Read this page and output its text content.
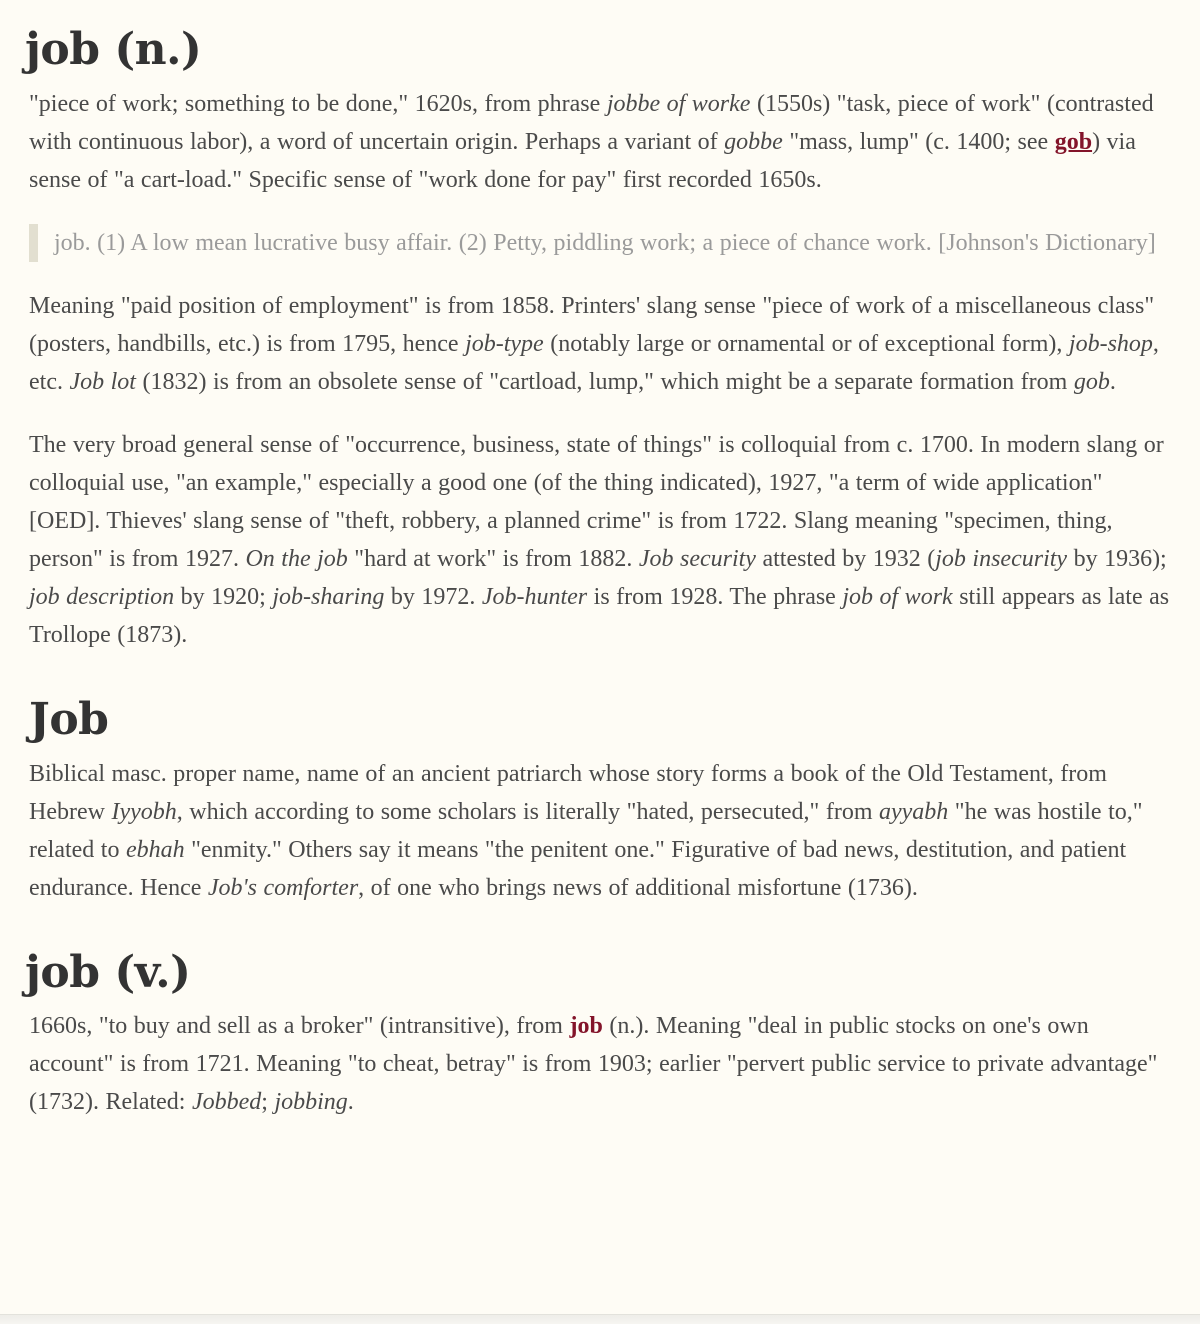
job (n.)

"piece of work; something to be done," 1620s, from phrase jobbe of worke (1550s) "task, piece of work" (contrasted with continuous labor), a word of uncertain origin. Perhaps a variant of gobbe "mass, lump" (c. 1400; see gob) via sense of "a cart-load." Specific sense of "work done for pay" first recorded 1650s.

job. (1) A low mean lucrative busy affair. (2) Petty, piddling work; a piece of chance work. [Johnson's Dictionary]

Meaning "paid position of employment" is from 1858. Printers' slang sense "piece of work of a miscellaneous class" (posters, handbills, etc.) is from 1795, hence job-type (notably large or ornamental or of exceptional form), job-shop, etc. Job lot (1832) is from an obsolete sense of "cartload, lump," which might be a separate formation from gob.

The very broad general sense of "occurrence, business, state of things" is colloquial from c. 1700. In modern slang or colloquial use, "an example," especially a good one (of the thing indicated), 1927, "a term of wide application" [OED]. Thieves' slang sense of "theft, robbery, a planned crime" is from 1722. Slang meaning "specimen, thing, person" is from 1927. On the job "hard at work" is from 1882. Job security attested by 1932 (job insecurity by 1936); job description by 1920; job-sharing by 1972. Job-hunter is from 1928. The phrase job of work still appears as late as Trollope (1873).

Job

Biblical masc. proper name, name of an ancient patriarch whose story forms a book of the Old Testament, from Hebrew Iyyobh, which according to some scholars is literally "hated, persecuted," from ayyabh "he was hostile to," related to ebhah "enmity." Others say it means "the penitent one." Figurative of bad news, destitution, and patient endurance. Hence Job's comforter, of one who brings news of additional misfortune (1736).

job (v.)

1660s, "to buy and sell as a broker" (intransitive), from job (n.). Meaning "deal in public stocks on one's own account" is from 1721. Meaning "to cheat, betray" is from 1903; earlier "pervert public service to private advantage" (1732). Related: Jobbed; jobbing.
